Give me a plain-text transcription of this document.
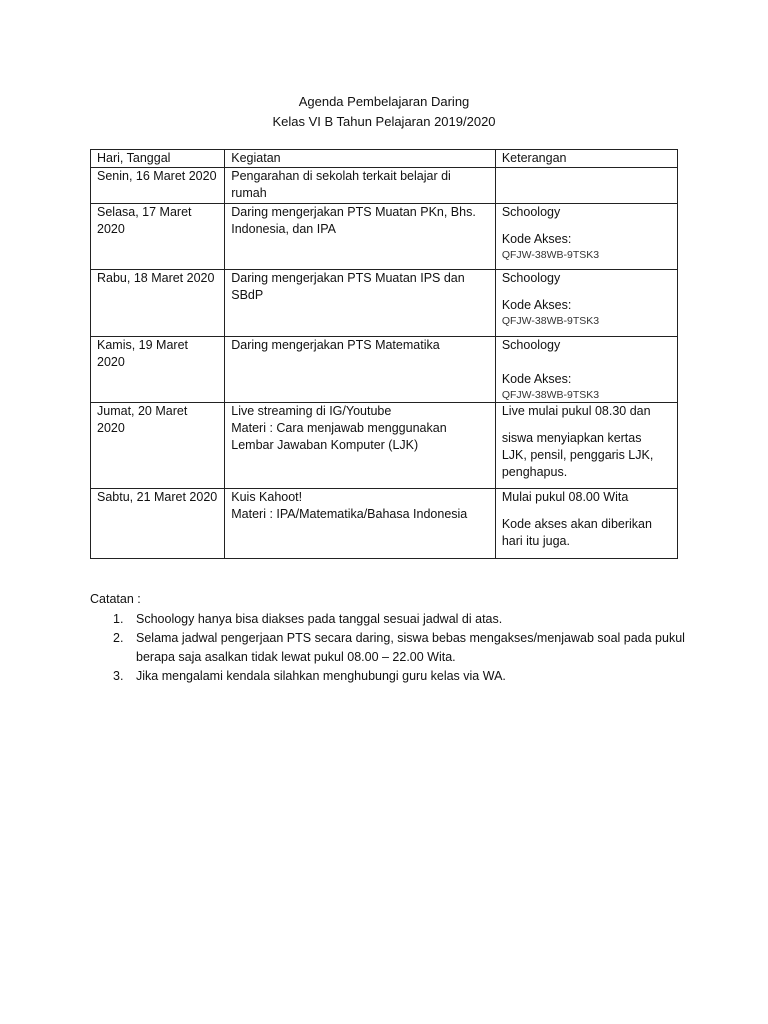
Agenda Pembelajaran Daring
Kelas VI B Tahun Pelajaran 2019/2020
Hari, Tanggal	Kegiatan	Keterangan
Senin, 16 Maret 2020	Pengarahan di sekolah terkait belajar di
rumah	

Selasa, 17 Maret 2020	Daring mengerjakan PTS Muatan PKn, Bhs.
Indonesia, dan IPA	Schoology
Kode Akses:
QFJW-38WB-9TSK3

Rabu, 18 Maret 2020	Daring mengerjakan PTS Muatan IPS dan
SBdP	Schoology
Kode Akses:
QFJW-38WB-9TSK3

Kamis, 19 Maret 2020	Daring mengerjakan PTS Matematika	Schoology
Kode Akses:
QFJW-38WB-9TSK3

Jumat, 20 Maret 2020	Live streaming di IG/Youtube
Materi : Cara menjawab menggunakan
Lembar Jawaban Komputer (LJK)	Live mulai pukul 08.30 dan
siswa menyiapkan kertas
LJK, pensil, penggaris LJK,
penghapus.

Sabtu, 21 Maret 2020	Kuis Kahoot!
Materi : IPA/Matematika/Bahasa Indonesia	Mulai pukul 08.00 Wita
Kode akses akan diberikan
hari itu juga.
Catatan :
1. Schoology hanya bisa diakses pada tanggal sesuai jadwal di atas.
2. Selama jadwal pengerjaan PTS secara daring, siswa bebas mengakses/menjawab soal pada pukul
berapa saja asalkan tidak lewat pukul 08.00 – 22.00 Wita.
3. Jika mengalami kendala silahkan menghubungi guru kelas via WA.
